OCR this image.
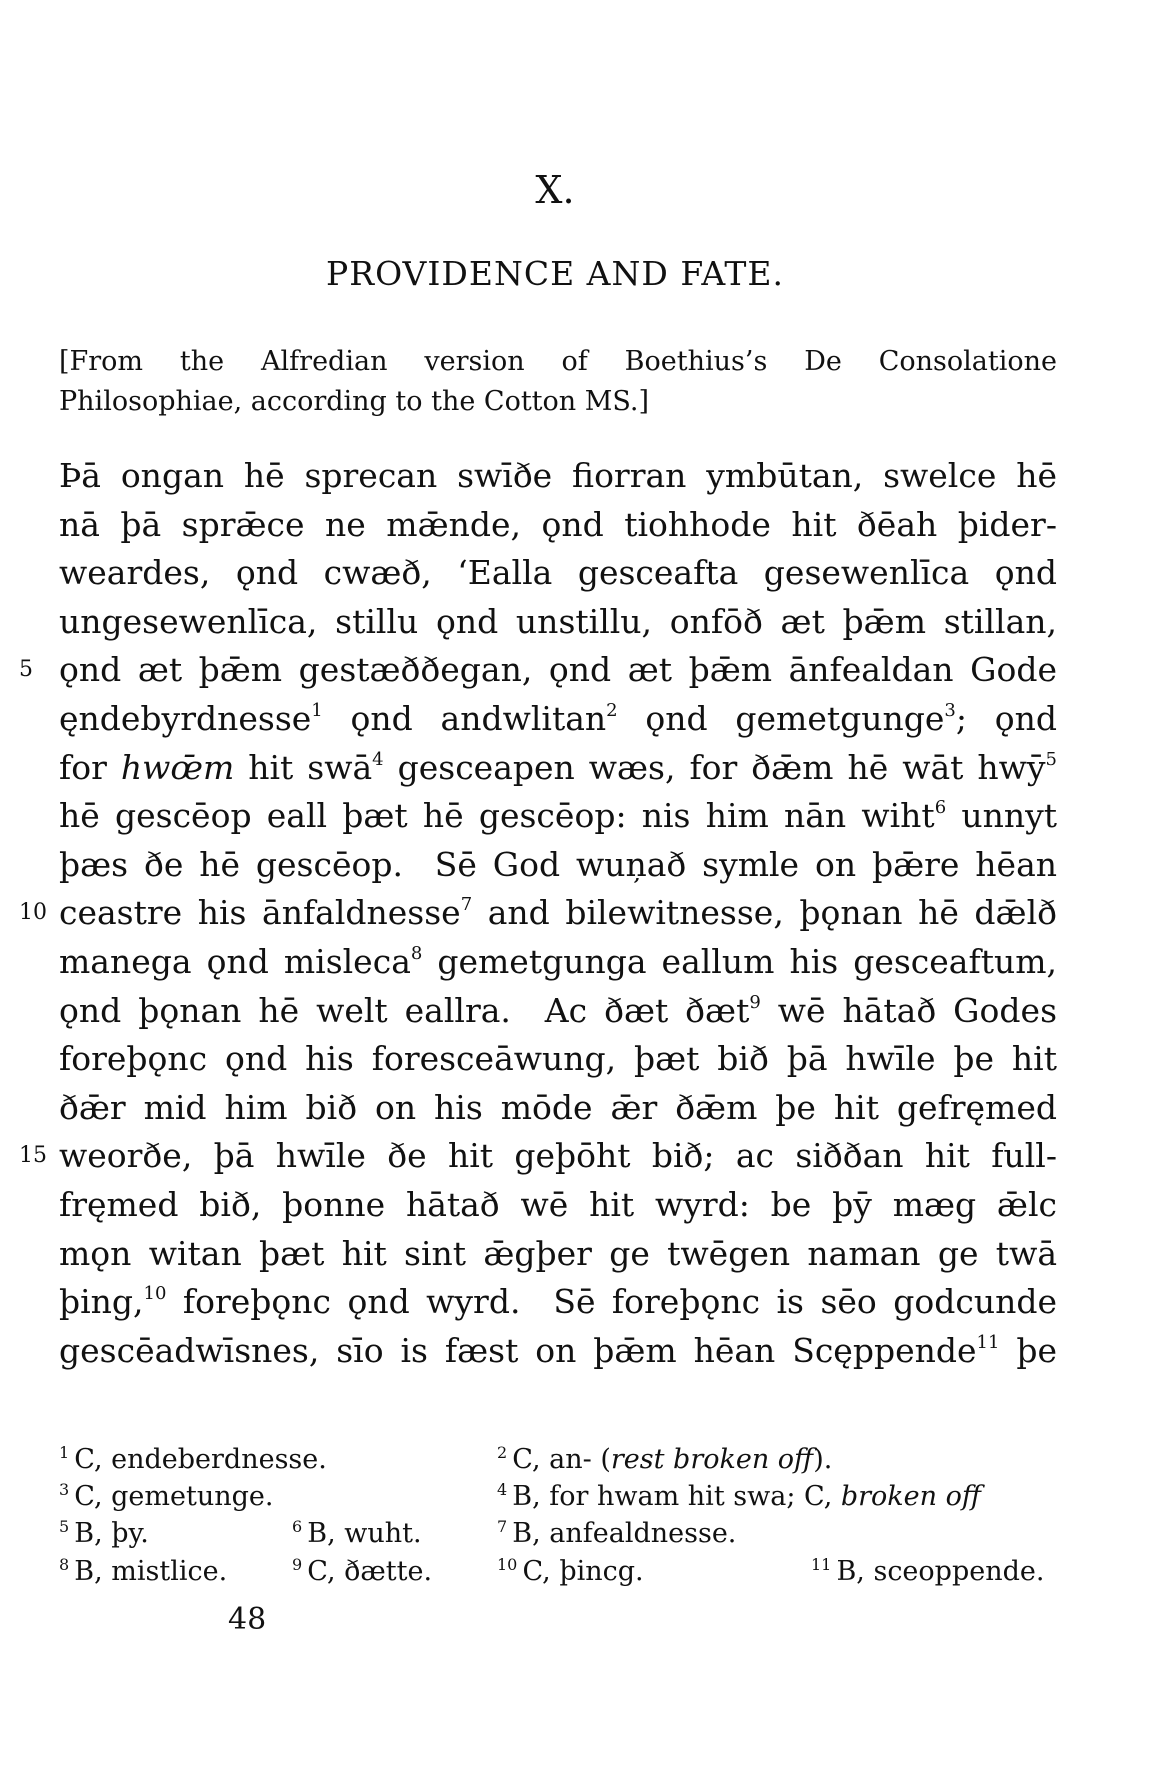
X.
PROVIDENCE AND FATE.
[From the Alfredian version of Boethius’s De Consolatione
Philosophiae, according to the Cotton MS.]
Þā ongan hē sprecan swīðe fiorran ymbūtan, swelce hē
nā þā sprǣce ne mǣnde, ǫnd tiohhode hit ðēah þider-
weardes, ǫnd cwæð, ‘Ealla gesceafta gesewenlīca ǫnd
ungesewenlīca, stillu ǫnd unstillu, onfōð æt þǣm stillan,
5 ǫnd æt þǣm gestæððegan, ǫnd æt þǣm ānfealdan Gode
ęndebyrdnesse$^1$ ǫnd andwlitan$^2$ ǫnd gemetgunge$^3$; ǫnd
for hwœ̄m hit swā$^4$ gesceapen wæs, for ðǣm hē wāt hwȳ$^5$
hē gescēop eall þæt hē gescēop: nis him nān wiht$^6$ unnyt
þæs ðe hē gescēop.  Sē God wuņað symle on þǣre hēan
10 ceastre his ānfaldnesse$^7$ and bilewitnesse, þǫnan hē dǣlð
manega ǫnd misleca$^8$ gemetgunga eallum his gesceaftum,
ǫnd þǫnan hē welt eallra.  Ac ðæt ðæt$^9$ wē hātað Godes
foreþǫnc ǫnd his foresceāwung, þæt bið þā hwīle þe hit
ðǣr mid him bið on his mōde ǣr ðǣm þe hit gefręmed
15 weorðe, þā hwīle ðe hit geþōht bið; ac siððan hit full-
fręmed bið, þonne hātað wē hit wyrd: be þȳ mæg ǣlc
mǫn witan þæt hit sint ǣgþer ge twēgen naman ge twā
þing,$^{10}$ foreþǫnc ǫnd wyrd.  Sē foreþǫnc is sēo godcunde
gescēadwīsnes, sīo is fæst on þǣm hēan Scęppende$^{11}$ þe
$^1$ C, endeberdnesse.	$^2$ C, an- (rest broken off).
$^3$ C, gemetunge.	$^4$ B, for hwam hit swa; C, broken off
$^5$ B, þy.	$^6$ B, wuht.	$^7$ B, anfealdnesse.
$^8$ B, mistlice.	$^9$ C, ðætte.	$^{10}$ C, þincg.	$^{11}$ B, sceoppende.
48
